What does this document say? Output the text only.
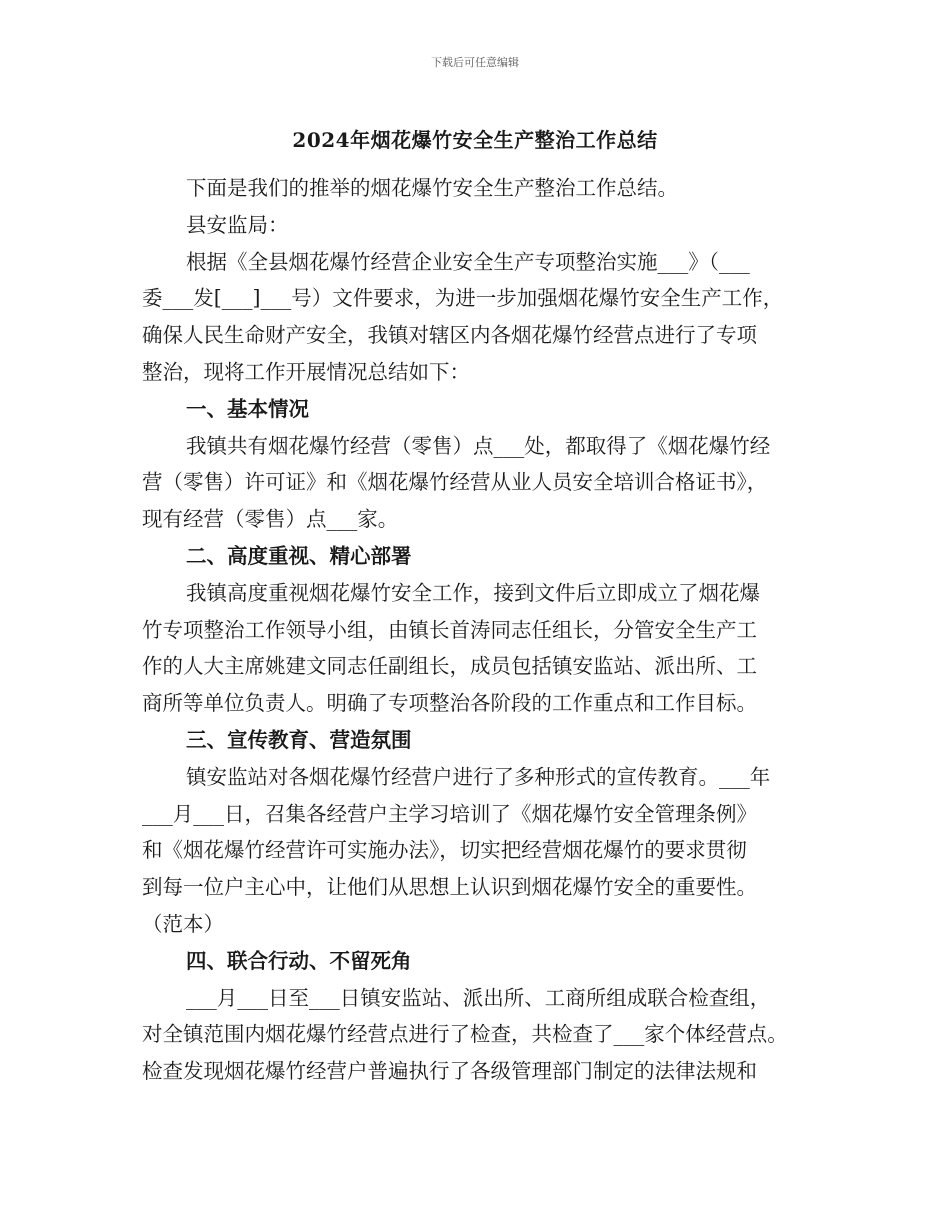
下载后可任意编辑
2024年烟花爆竹安全生产整治工作总结
下面是我们的推举的烟花爆竹安全生产整治工作总结。
县安监局：
根据《全县烟花爆竹经营企业安全生产专项整治实施___》（___
委___发[___]___号）文件要求，为进一步加强烟花爆竹安全生产工作，
确保人民生命财产安全，我镇对辖区内各烟花爆竹经营点进行了专项
整治，现将工作开展情况总结如下：
一、基本情况
我镇共有烟花爆竹经营（零售）点___处，都取得了《烟花爆竹经
营（零售）许可证》和《烟花爆竹经营从业人员安全培训合格证书》，
现有经营（零售）点___家。
二、高度重视、精心部署
我镇高度重视烟花爆竹安全工作，接到文件后立即成立了烟花爆
竹专项整治工作领导小组，由镇长首涛同志任组长，分管安全生产工
作的人大主席姚建文同志任副组长，成员包括镇安监站、派出所、工
商所等单位负责人。明确了专项整治各阶段的工作重点和工作目标。
三、宣传教育、营造氛围
镇安监站对各烟花爆竹经营户进行了多种形式的宣传教育。___年
___月___日，召集各经营户主学习培训了《烟花爆竹安全管理条例》
和《烟花爆竹经营许可实施办法》，切实把经营烟花爆竹的要求贯彻
到每一位户主心中，让他们从思想上认识到烟花爆竹安全的重要性。
（范本）
四、联合行动、不留死角
___月___日至___日镇安监站、派出所、工商所组成联合检查组，
对全镇范围内烟花爆竹经营点进行了检查，共检查了___家个体经营点。
检查发现烟花爆竹经营户普遍执行了各级管理部门制定的法律法规和
